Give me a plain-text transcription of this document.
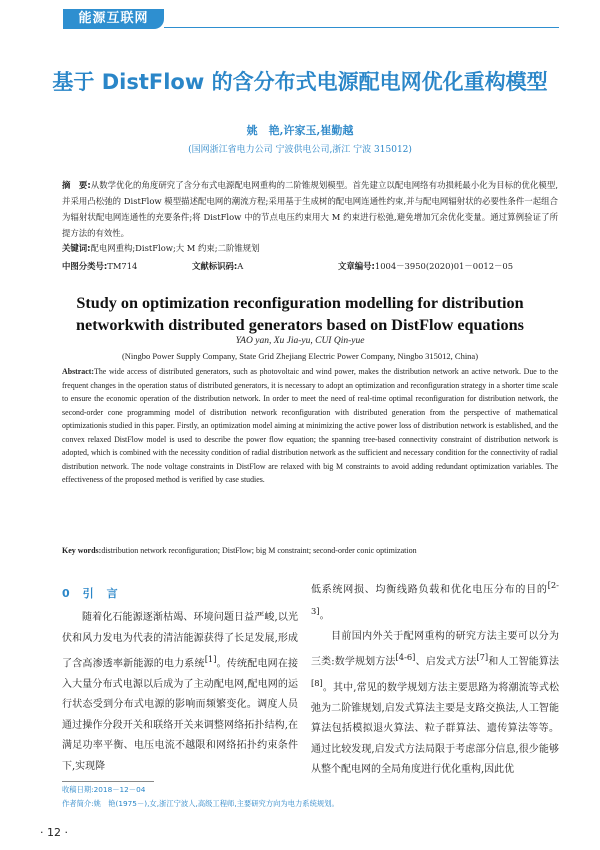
能源互联网
基于 DistFlow 的含分布式电源配电网优化重构模型
姚　艳,许家玉,崔勤越
(国网浙江省电力公司 宁波供电公司,浙江 宁波 315012)

摘　要:从数学优化的角度研究了含分布式电源配电网重构的二阶锥规划模型。首先建立以配电网络有功损耗最小化为目标的优化模型,并采用凸松弛的 DistFlow 模型描述配电网的潮流方程;采用基于生成树的配电网连通性约束,并与配电网辐射状的必要性条件一起组合为辐射状配电网连通性的充要条件;将 DistFlow 中的节点电压约束用大 M 约束进行松弛,避免增加冗余优化变量。通过算例验证了所提方法的有效性。

关键词:配电网重构;DistFlow;大 M 约束;二阶锥规划
中图分类号:TM714	文献标识码:A	文章编号:1004－3950(2020)01－0012－05
Study on optimization reconfiguration modelling for distribution networkwith distributed generators based on DistFlow equations
YAO yan, Xu Jia-yu, CUI Qin-yue
(Ningbo Power Supply Company, State Grid Zhejiang Electric Power Company, Ningbo 315012, China)

Abstract:The wide access of distributed generators, such as photovoltaic and wind power, makes the distribution network an active network. Due to the frequent changes in the operation status of distributed generators, it is necessary to adopt an optimization and reconfiguration strategy in a shorter time scale to ensure the economic operation of the distribution network. In order to meet the need of real-time optimal reconfiguration for distribution network, the second-order cone programming model of distribution network reconfiguration with distributed generation from the perspective of mathematical optimizationis studied in this paper. Firstly, an optimization model aiming at minimizing the active power loss of distribution network is established, and the convex relaxed DistFlow model is used to describe the power flow equation; the spanning tree-based connectivity constraint of distribution network is adopted, which is combined with the necessity condition of radial distribution network as the sufficient and necessary condition for the connectivity of radial distribution network. The node voltage constraints in DistFlow are relaxed with big M constraints to avoid adding redundant optimization variables. The effectiveness of the proposed method is verified by case studies.

Key words:distribution network reconfiguration; DistFlow; big M constraint; second-order conic optimization
0　引　言

随着化石能源逐渐枯竭、环境问题日益严峻,以光伏和风力发电为代表的清洁能源获得了长足发展,形成了含高渗透率新能源的电力系统[1]。传统配电网在接入大量分布式电源以后成为了主动配电网,配电网的运行状态受到分布式电源的影响而频繁变化。调度人员通过操作分段开关和联络开关来调整网络拓扑结构,在满足功率平衡、电压电流不越限和网络拓扑约束条件下,实现降

低系统网损、均衡线路负载和优化电压分布的目的[2-3]。

目前国内外关于配网重构的研究方法主要可以分为三类:数学规划方法[4-6]、启发式方法[7]和人工智能算法[8]。其中,常见的数学规划方法主要思路为将潮流等式松弛为二阶锥规划,启发式算法主要是支路交换法,人工智能算法包括模拟退火算法、粒子群算法、遗传算法等等。通过比较发现,启发式方法局限于考虑部分信息,很少能够从整个配电网的全局角度进行优化重构,因此优

收稿日期:2018－12－04
作者简介:姚　艳(1975－),女,浙江宁波人,高级工程师,主要研究方向为电力系统规划。
· 12 ·
